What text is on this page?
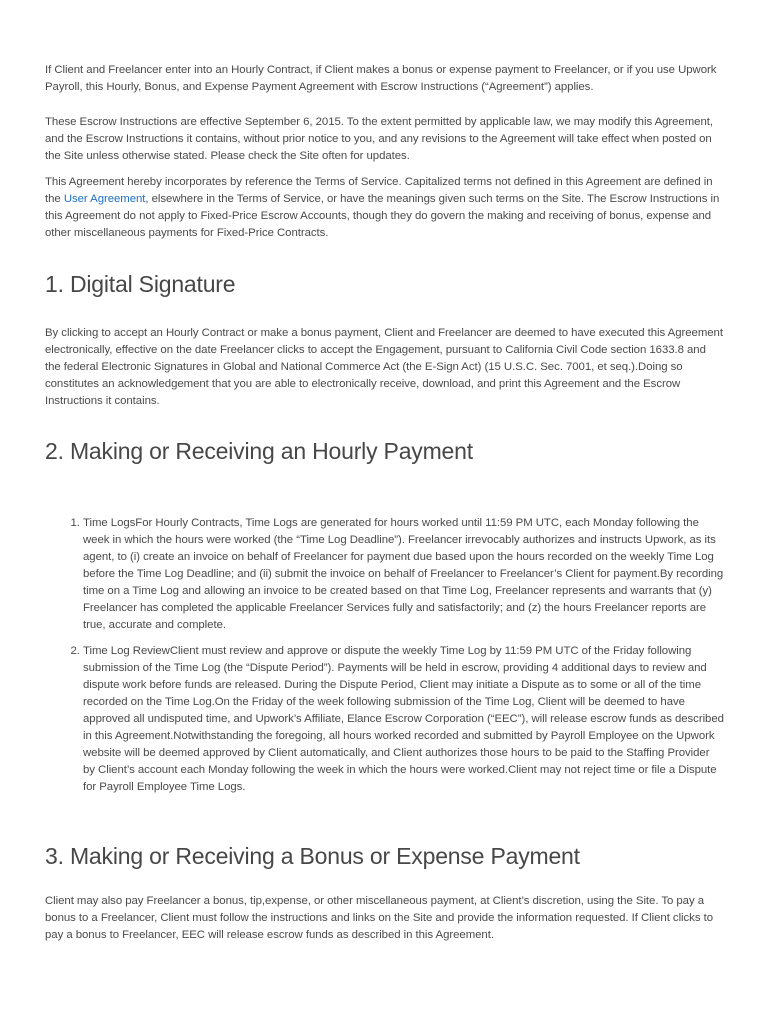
If Client and Freelancer enter into an Hourly Contract, if Client makes a bonus or expense payment to Freelancer, or if you use Upwork Payroll, this Hourly, Bonus, and Expense Payment Agreement with Escrow Instructions (“Agreement”) applies.

These Escrow Instructions are effective September 6, 2015. To the extent permitted by applicable law, we may modify this Agreement, and the Escrow Instructions it contains, without prior notice to you, and any revisions to the Agreement will take effect when posted on the Site unless otherwise stated. Please check the Site often for updates.

This Agreement hereby incorporates by reference the Terms of Service. Capitalized terms not defined in this Agreement are defined in the User Agreement, elsewhere in the Terms of Service, or have the meanings given such terms on the Site. The Escrow Instructions in this Agreement do not apply to Fixed-Price Escrow Accounts, though they do govern the making and receiving of bonus, expense and other miscellaneous payments for Fixed-Price Contracts.

1. Digital Signature

By clicking to accept an Hourly Contract or make a bonus payment, Client and Freelancer are deemed to have executed this Agreement electronically, effective on the date Freelancer clicks to accept the Engagement, pursuant to California Civil Code section 1633.8 and the federal Electronic Signatures in Global and National Commerce Act (the E-Sign Act) (15 U.S.C. Sec. 7001, et seq.).Doing so constitutes an acknowledgement that you are able to electronically receive, download, and print this Agreement and the Escrow Instructions it contains.

2. Making or Receiving an Hourly Payment
1. Time LogsFor Hourly Contracts, Time Logs are generated for hours worked until 11:59 PM UTC, each Monday following the week in which the hours were worked (the “Time Log Deadline”). Freelancer irrevocably authorizes and instructs Upwork, as its agent, to (i) create an invoice on behalf of Freelancer for payment due based upon the hours recorded on the weekly Time Log before the Time Log Deadline; and (ii) submit the invoice on behalf of Freelancer to Freelancer’s Client for payment.By recording time on a Time Log and allowing an invoice to be created based on that Time Log, Freelancer represents and warrants that (y) Freelancer has completed the applicable Freelancer Services fully and satisfactorily; and (z) the hours Freelancer reports are true, accurate and complete.
2. Time Log ReviewClient must review and approve or dispute the weekly Time Log by 11:59 PM UTC of the Friday following submission of the Time Log (the “Dispute Period”). Payments will be held in escrow, providing 4 additional days to review and dispute work before funds are released. During the Dispute Period, Client may initiate a Dispute as to some or all of the time recorded on the Time Log.On the Friday of the week following submission of the Time Log, Client will be deemed to have approved all undisputed time, and Upwork’s Affiliate, Elance Escrow Corporation (“EEC”), will release escrow funds as described in this Agreement.Notwithstanding the foregoing, all hours worked recorded and submitted by Payroll Employee on the Upwork website will be deemed approved by Client automatically, and Client authorizes those hours to be paid to the Staffing Provider by Client’s account each Monday following the week in which the hours were worked.Client may not reject time or file a Dispute for Payroll Employee Time Logs.
3. Making or Receiving a Bonus or Expense Payment

Client may also pay Freelancer a bonus, tip,expense, or other miscellaneous payment, at Client’s discretion, using the Site. To pay a bonus to a Freelancer, Client must follow the instructions and links on the Site and provide the information requested. If Client clicks to pay a bonus to Freelancer, EEC will release escrow funds as described in this Agreement.
